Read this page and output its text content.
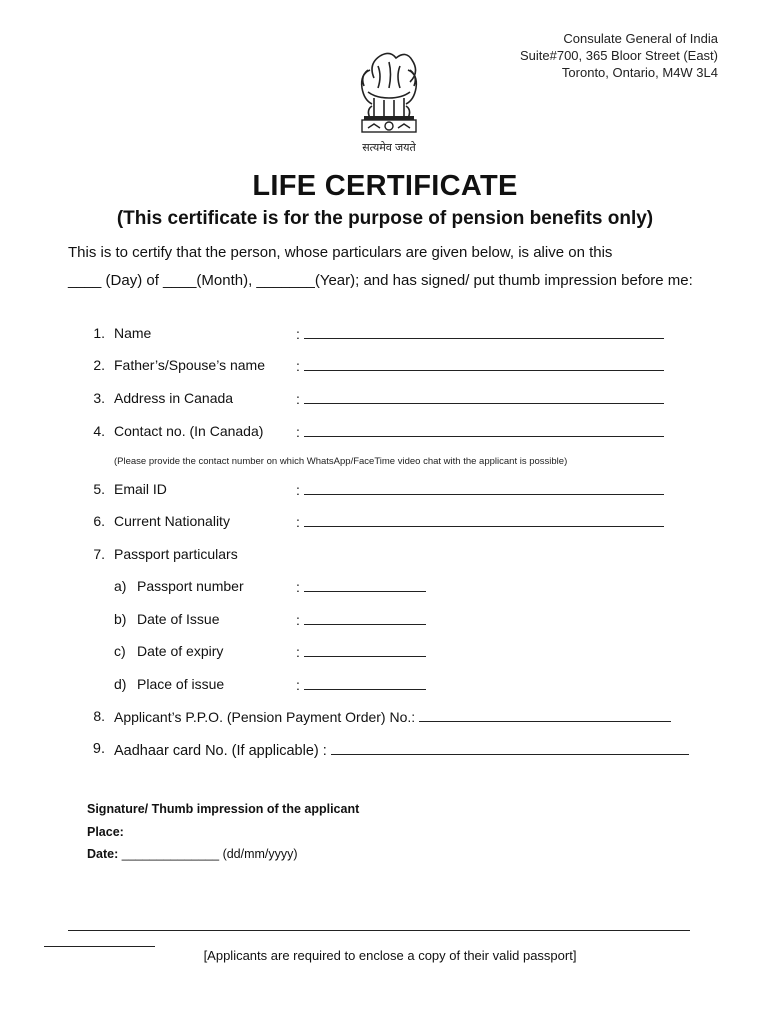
Consulate General of India
Suite#700, 365 Bloor Street (East)
Toronto, Ontario, M4W 3L4
सत्यमेव जयते
LIFE CERTIFICATE
(This certificate is for the purpose of pension benefits only)
This is to certify that the person, whose particulars are given below, is alive on this
____ (Day) of ____(Month), _______(Year); and has signed/ put thumb impression before me:
1. Name	:
2. Father’s/Spouse’s name :
3. Address in Canada	:
4. Contact no. (In Canada) :
(Please provide the contact number on which WhatsApp/FaceTime video chat with the applicant is possible)
5. Email ID	:
6. Current Nationality	:
7. Passport particulars
a) Passport number	:
b) Date of Issue	:
c) Date of expiry	:
d) Place of issue	:
8. Applicant’s P.P.O. (Pension Payment Order) No.:
9. Aadhaar card No. (If applicable) :
Signature/ Thumb impression of the applicant
Place:
Date: ______________ (dd/mm/yyyy)
[Applicants are required to enclose a copy of their valid passport]
